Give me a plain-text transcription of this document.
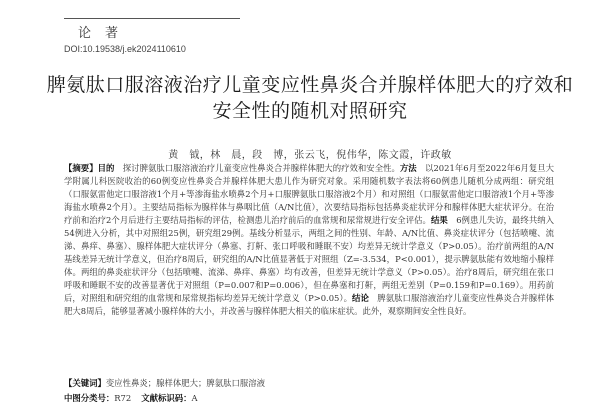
论著
DOI:10.19538/j.ek2024110610
脾氨肽口服溶液治疗儿童变应性鼻炎合并腺样体肥大的疗效和安全性的随机对照研究
黄　钺，林　晨，段　博，张云飞，倪伟华，陈文霞，许政敏
【摘要】目的　探讨脾氨肽口服溶液治疗儿童变应性鼻炎合并腺样体肥大的疗效和安全性。方法　以2021年6月至2022年6月复旦大学附属儿科医院收治的60例变应性鼻炎合并腺样体肥大患儿作为研究对象。采用随机数字表法将60例患儿随机分成两组：研究组（口服氨雷他定口服溶液1个月+等渗海盐水喷鼻2个月+口服脾氨肽口服溶液2个月）和对照组（口服氨雷他定口服溶液1个月+等渗海盐水喷鼻2个月）。主要结局指标为腺样体与鼻咽比值（A/N比值），次要结局指标包括鼻炎症状评分和腺样体肥大症状评分。在治疗前和治疗2个月后进行主要结局指标的评估，检测患儿治疗前后的血常规和尿常规进行安全评估。结果　6例患儿失访，最终共纳入54例进入分析，其中对照组25例，研究组29例。基线分析显示，两组之间的性别、年龄、A/N比值、鼻炎症状评分（包括喷嚏、流涕、鼻痒、鼻塞）、腺样体肥大症状评分（鼻塞、打鼾、张口呼吸和睡眠不安）均差异无统计学意义（P>0.05）。治疗前两组的A/N基线差异无统计学意义，但治疗8周后，研究组的A/N比值显著低于对照组（Z=-3.534，P<0.001），提示脾氨肽能有效地缩小腺样体。两组的鼻炎症状评分（包括喷嚏、流涕、鼻痒、鼻塞）均有改善，但差异无统计学意义（P>0.05）。治疗8周后，研究组在张口呼吸和睡眠不安的改善显著优于对照组（P=0.007和P=0.006），但在鼻塞和打鼾，两组无差别（P=0.159和P=0.169）。用药前后，对照组和研究组的血常规和尿常规指标均差异无统计学意义（P>0.05）。结论　脾氨肽口服溶液治疗儿童变应性鼻炎合并腺样体肥大8周后，能够显著减小腺样体的大小，并改善与腺样体肥大相关的临床症状。此外，观察期间安全性良好。
【关键词】变应性鼻炎；腺样体肥大；脾氨肽口服溶液
中图分类号：R72 文献标识码：A
